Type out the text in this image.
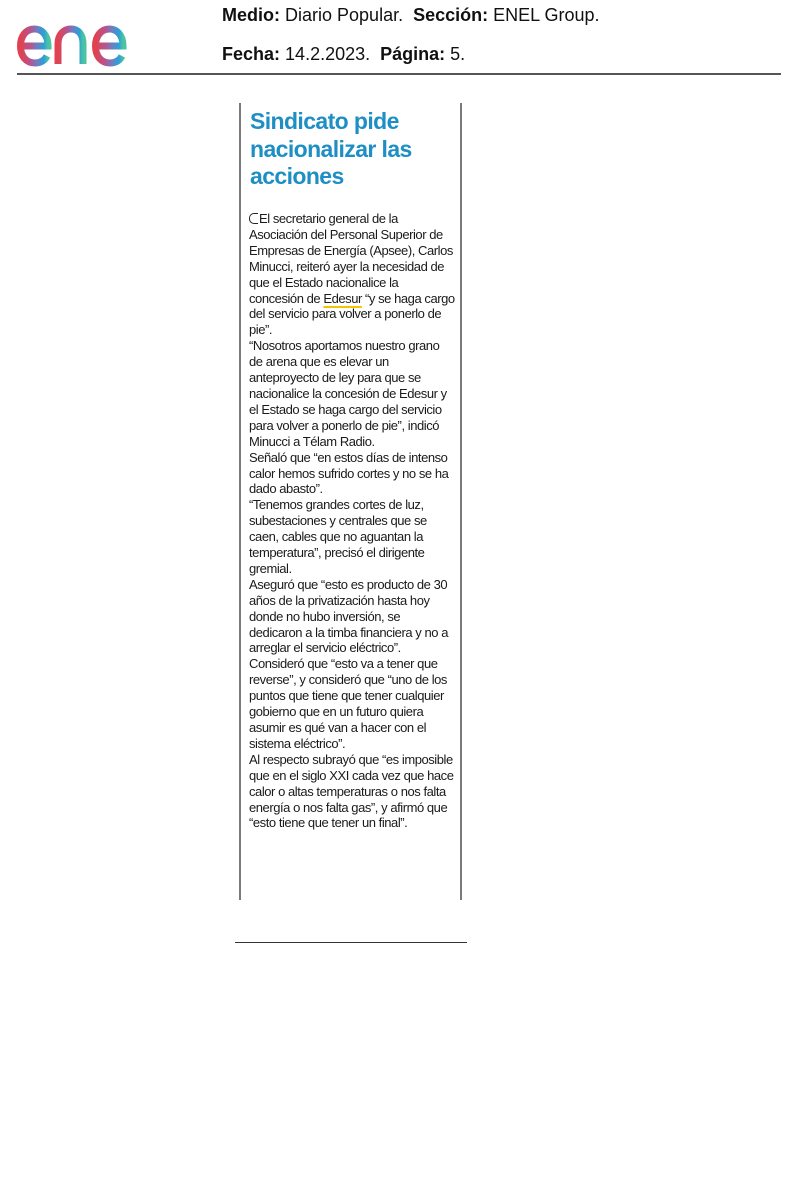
Medio: Diario Popular. Sección: ENEL Group.
Fecha: 14.2.2023. Página: 5.
Sindicato pide nacionalizar las acciones

El secretario general de la Asociación del Personal Superior de Empresas de Energía (Apsee), Carlos Minucci, reiteró ayer la necesidad de que el Estado nacionalice la concesión de Edesur “y se haga cargo del servicio para volver a ponerlo de pie”.

“Nosotros aportamos nuestro grano de arena que es elevar un anteproyecto de ley para que se nacionalice la concesión de Edesur y el Estado se haga cargo del servicio para volver a ponerlo de pie”, indicó Minucci a Télam Radio.

Señaló que “en estos días de intenso calor hemos sufrido cortes y no se ha dado abasto”.

“Tenemos grandes cortes de luz, subestaciones y centrales que se caen, cables que no aguantan la temperatura”, precisó el dirigente gremial.

Aseguró que “esto es producto de 30 años de la privatización hasta hoy donde no hubo inversión, se dedicaron a la timba financiera y no a arreglar el servicio eléctrico”.

Consideró que “esto va a tener que reverse”, y consideró que “uno de los puntos que tiene que tener cualquier gobierno que en un futuro quiera asumir es qué van a hacer con el sistema eléctrico”.

Al respecto subrayó que “es imposible que en el siglo XXI cada vez que hace calor o altas temperaturas o nos falta energía o nos falta gas”, y afirmó que “esto tiene que tener un final”.
